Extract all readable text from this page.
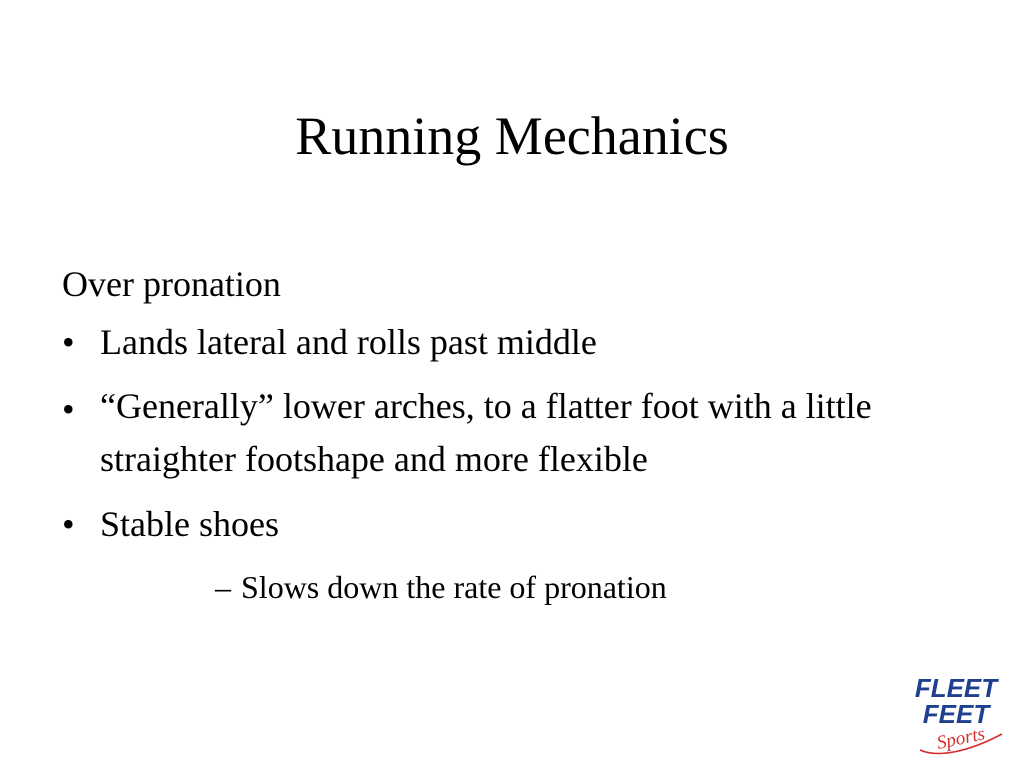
Running Mechanics

Over pronation

• Lands lateral and rolls past middle
• “Generally” lower arches, to a flatter foot with a little straighter footshape and more flexible
• Stable shoes
– Slows down the rate of pronation
FLEET
FEET
Sports
